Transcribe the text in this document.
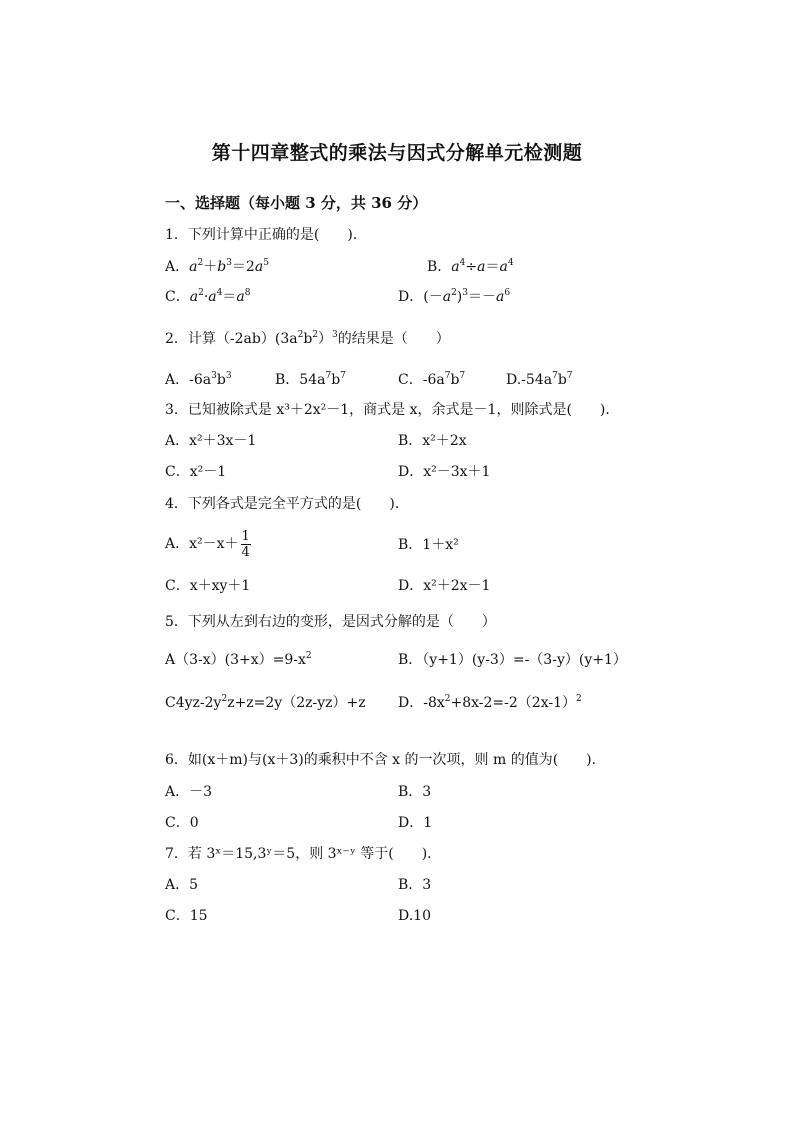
第十四章整式的乘法与因式分解单元检测题
一、选择题（每小题 3 分，共 36 分）
1．下列计算中正确的是(　　)．
A．$a^2+b^3=2a^5$	B．$a^4\div a=a^4$
C．$a^2\cdot a^4=a^8$	D．$(-a^2)^3=-a^6$
2．计算$(-2ab)(3a^2b^2)^3$的结果是（　　）
A．$-6a^3b^3$	B．$54a^7b^7$	C．$-6a^7b^7$	$D.-54a^7b^7$
3．已知被除式是 x³＋2x²－1，商式是 x，余式是－1，则除式是(　　)．
A．x²＋3x－1	B．x²＋2x
C．x²－1	D．x²－3x＋1
4．下列各式是完全平方式的是(　　)．
A．$x^2-x+ \frac{1}{4}$	B．1＋x²
C．x＋xy＋1	D．x²＋2x－1
5．下列从左到右边的变形，是因式分解的是（　　）
$A(3-x)(3+x)=9-x^2$	B．（y+1）(y-3）=-（3-y）(y+1）
$C4yz-2y^2z+z=2y(2z-yz)+z$ D．$-8x^2+8x-2=-2(2x-1)^2$
6．如(x＋m)与(x＋3)的乘积中不含 x 的一次项，则 m 的值为(　　)．
A．－3	B．3
C．0	D．1
7．若 3ˣ＝15,3ʸ＝5，则 3ˣ⁻ʸ 等于(　　)．
A．5	B．3
C．15	D.10
